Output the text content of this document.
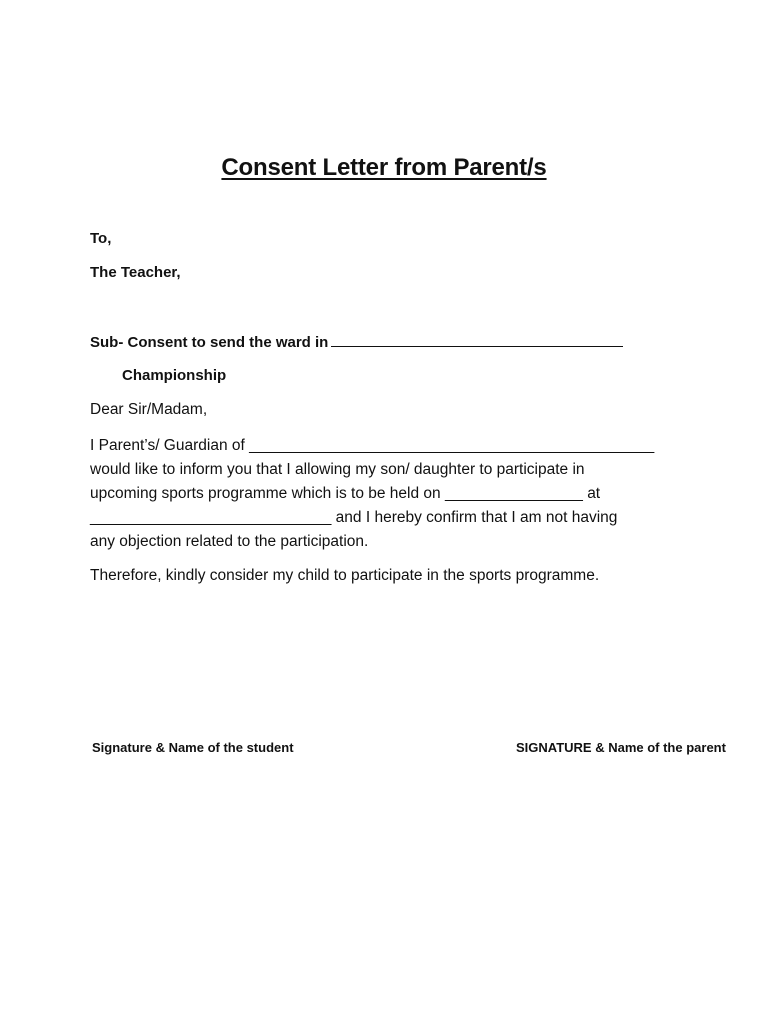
Consent Letter from Parent/s
To,
The Teacher,
Sub- Consent to send the ward in
Championship
Dear Sir/Madam,
I Parent’s/ Guardian of _______________________________________________
would like to inform you that I allowing my son/ daughter to participate in
upcoming sports programme which is to be held on ________________ at
____________________________ and I hereby confirm that I am not having
any objection related to the participation.
Therefore, kindly consider my child to participate in the sports programme.
Signature & Name of the student	SIGNATURE & Name of the parent
